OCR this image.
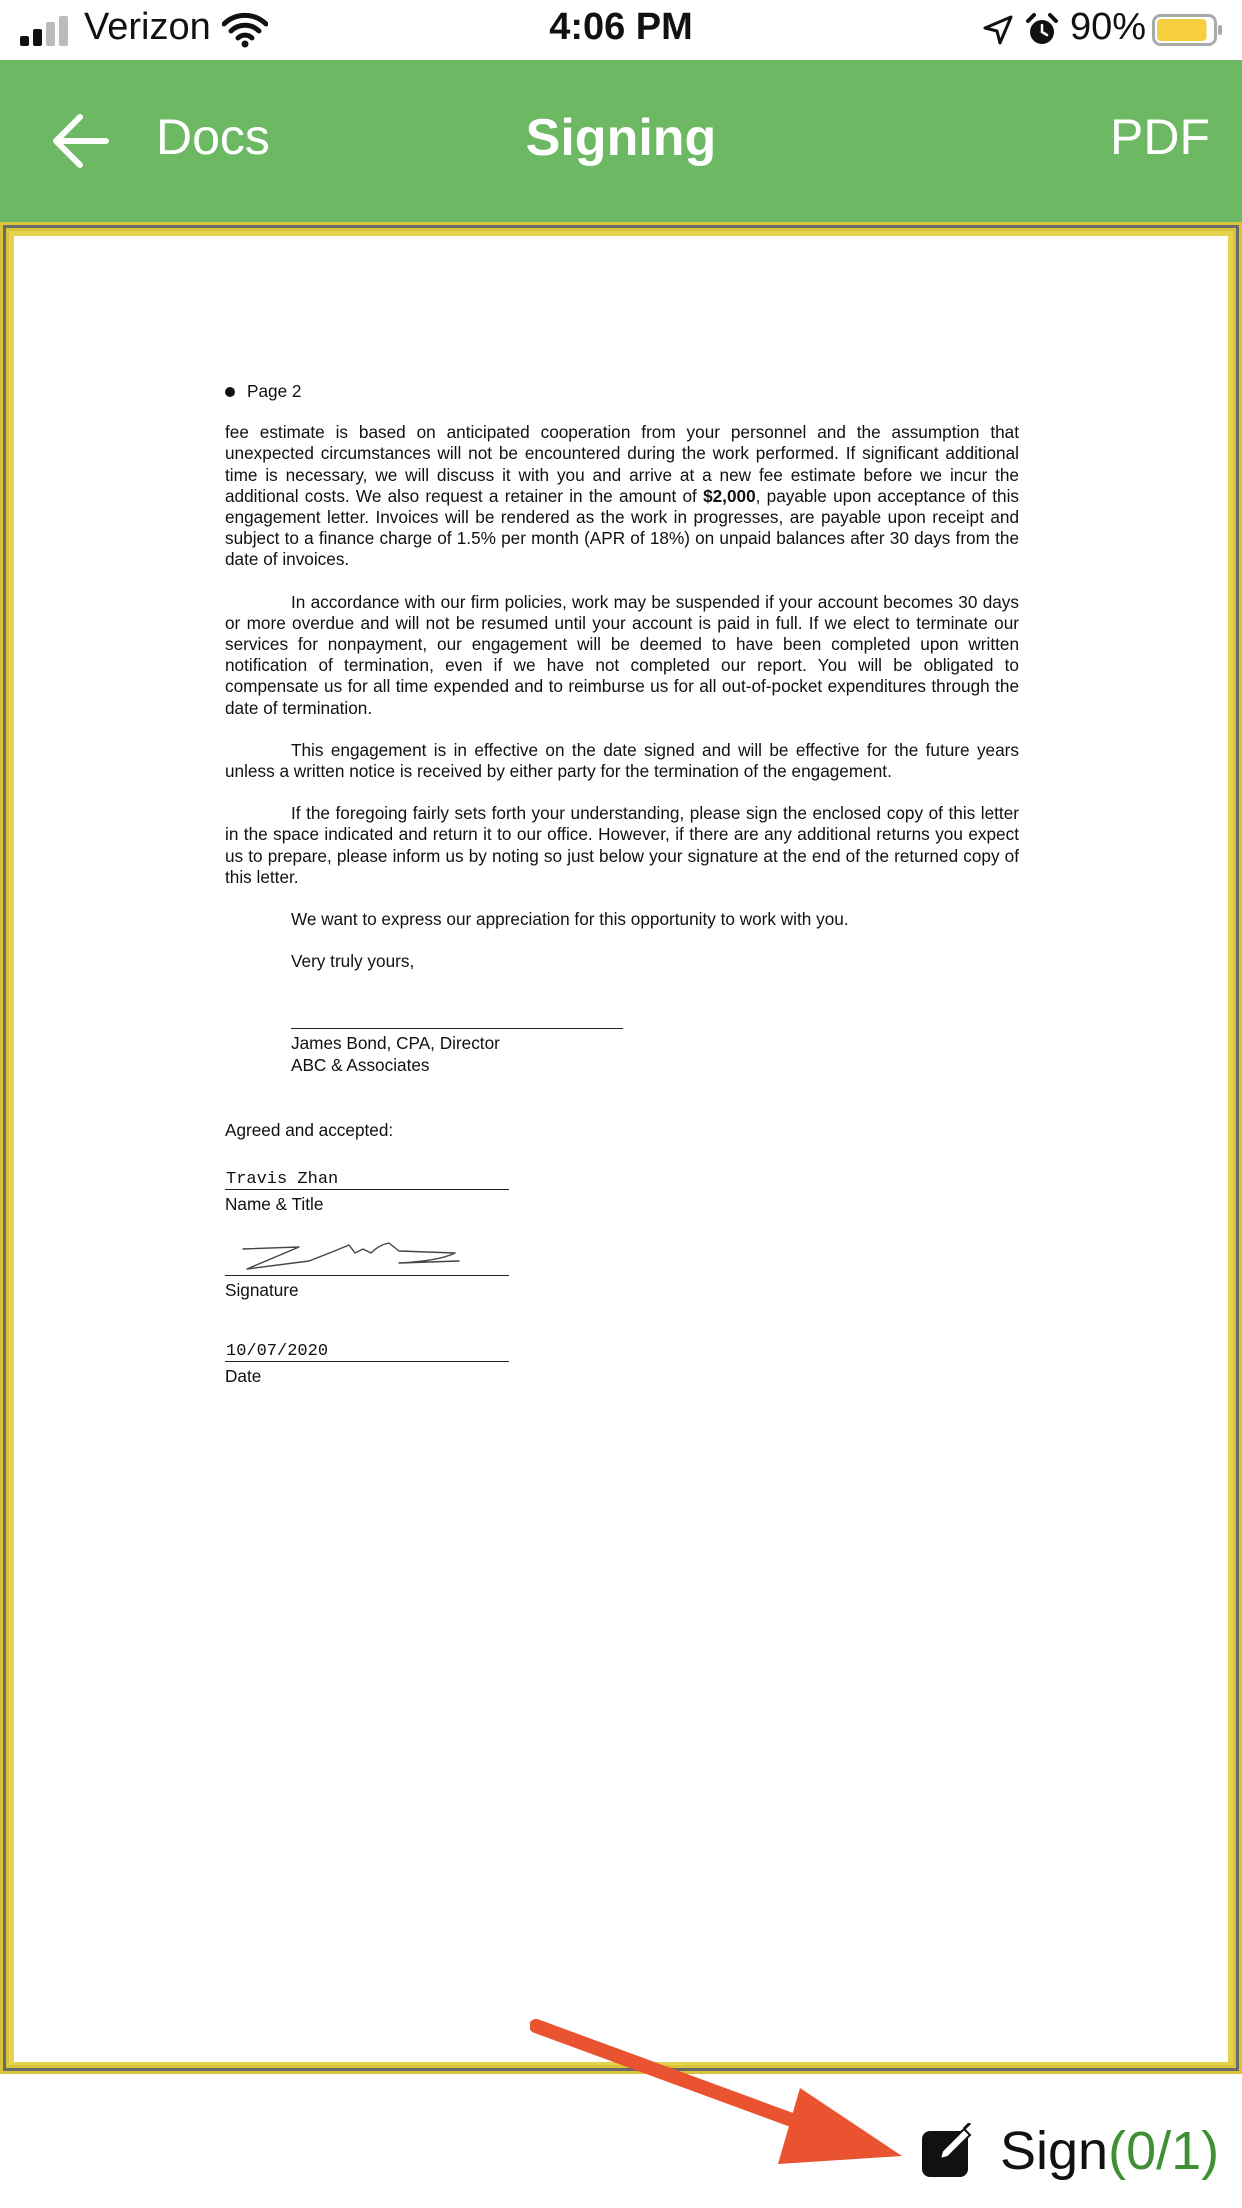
Verizon	4:06 PM	90%
Docs	Signing	PDF
Page 2

fee estimate is based on anticipated cooperation from your personnel and the assumption that unexpected circumstances will not be encountered during the work performed. If significant additional time is necessary, we will discuss it with you and arrive at a new fee estimate before we incur the additional costs. We also request a retainer in the amount of $2,000, payable upon acceptance of this engagement letter. Invoices will be rendered as the work in progresses, are payable upon receipt and subject to a finance charge of 1.5% per month (APR of 18%) on unpaid balances after 30 days from the date of invoices.

In accordance with our firm policies, work may be suspended if your account becomes 30 days or more overdue and will not be resumed until your account is paid in full. If we elect to terminate our services for nonpayment, our engagement will be deemed to have been completed upon written notification of termination, even if we have not completed our report. You will be obligated to compensate us for all time expended and to reimburse us for all out-of-pocket expenditures through the date of termination.

This engagement is in effective on the date signed and will be effective for the future years unless a written notice is received by either party for the termination of the engagement.

If the foregoing fairly sets forth your understanding, please sign the enclosed copy of this letter in the space indicated and return it to our office. However, if there are any additional returns you expect us to prepare, please inform us by noting so just below your signature at the end of the returned copy of this letter.

We want to express our appreciation for this opportunity to work with you.

Very truly yours,

James Bond, CPA, Director
ABC & Associates
Agreed and accepted:
Travis Zhan
Name & Title
Signature
10/07/2020
Date
Sign (0/1)
